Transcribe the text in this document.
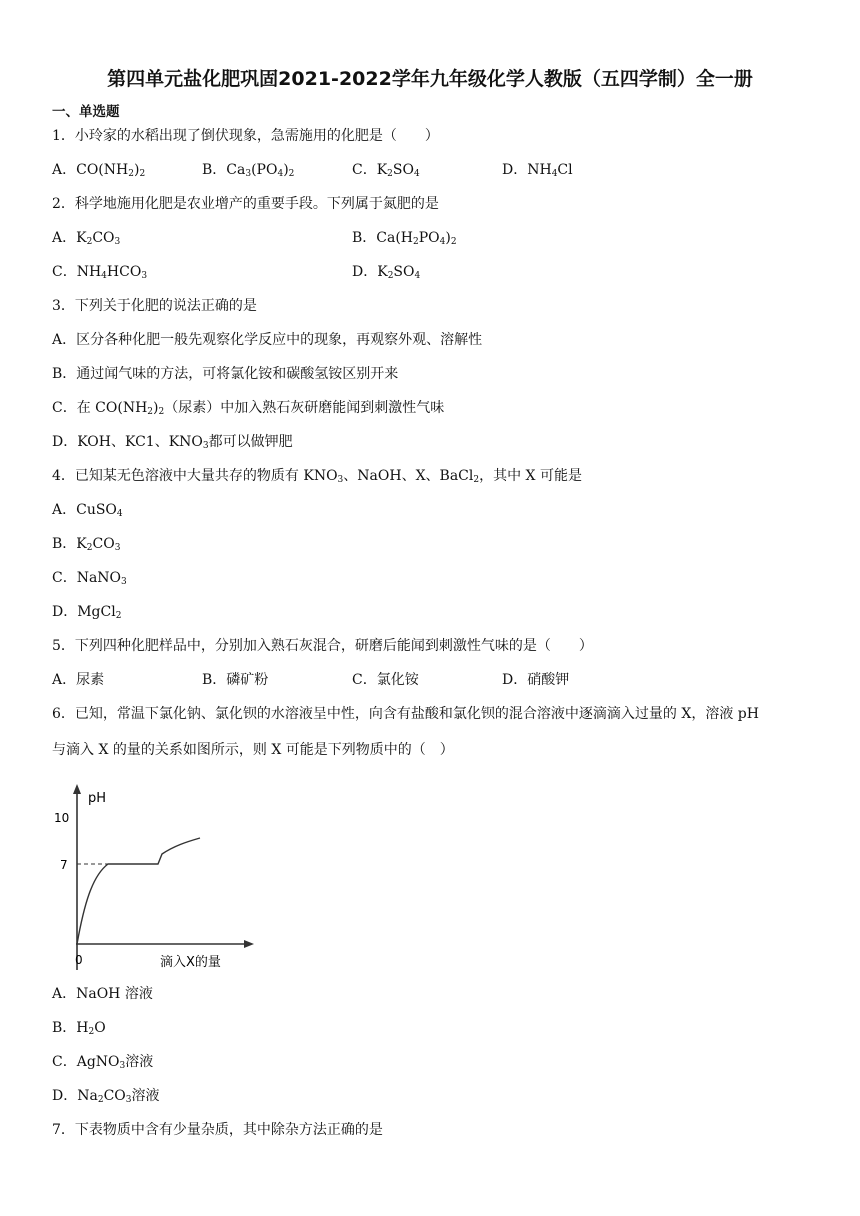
第四单元盐化肥巩固2021-2022学年九年级化学人教版（五四学制）全一册
一、单选题
1．小玲家的水稻出现了倒伏现象，急需施用的化肥是（　　）
A．$CO(NH_2)_2$	B．$Ca_3(PO_4)_2$	C．$K_2SO_4$	D．$NH_4Cl$
2．科学地施用化肥是农业增产的重要手段。下列属于氮肥的是
A．$K_2CO_3$	B．$Ca(H_2PO_4)_2$
C．$NH_4HCO_3$	D．$K_2SO_4$
3．下列关于化肥的说法正确的是
A．区分各种化肥一般先观察化学反应中的现象，再观察外观、溶解性
B．通过闻气味的方法，可将氯化铵和碳酸氢铵区别开来
C．在 $CO(NH_2)_2$（尿素）中加入熟石灰研磨能闻到刺激性气味
D．KOH、KC1、$KNO_3$都可以做钾肥
4．已知某无色溶液中大量共存的物质有 $KNO_3$、NaOH、X、BaCl$_2$，其中 X 可能是
A．CuSO$_4$
B．$K_2CO_3$
C．NaNO$_3$
D．MgCl$_2$
5．下列四种化肥样品中，分别加入熟石灰混合，研磨后能闻到刺激性气味的是（　　）
A．尿素	B．磷矿粉	C．氯化铵	D．硝酸钾
6．已知，常温下氯化钠、氯化钡的水溶液呈中性，向含有盐酸和氯化钡的混合溶液中逐滴滴入过量的 X，溶液 pH
与滴入 X 的量的关系如图所示，则 X 可能是下列物质中的（　）
pH
10
7
0	滴入X的量
A．NaOH 溶液
B．$H_2O$
C．AgNO$_3$溶液
D．$Na_2CO_3$溶液
7．下表物质中含有少量杂质，其中除杂方法正确的是
